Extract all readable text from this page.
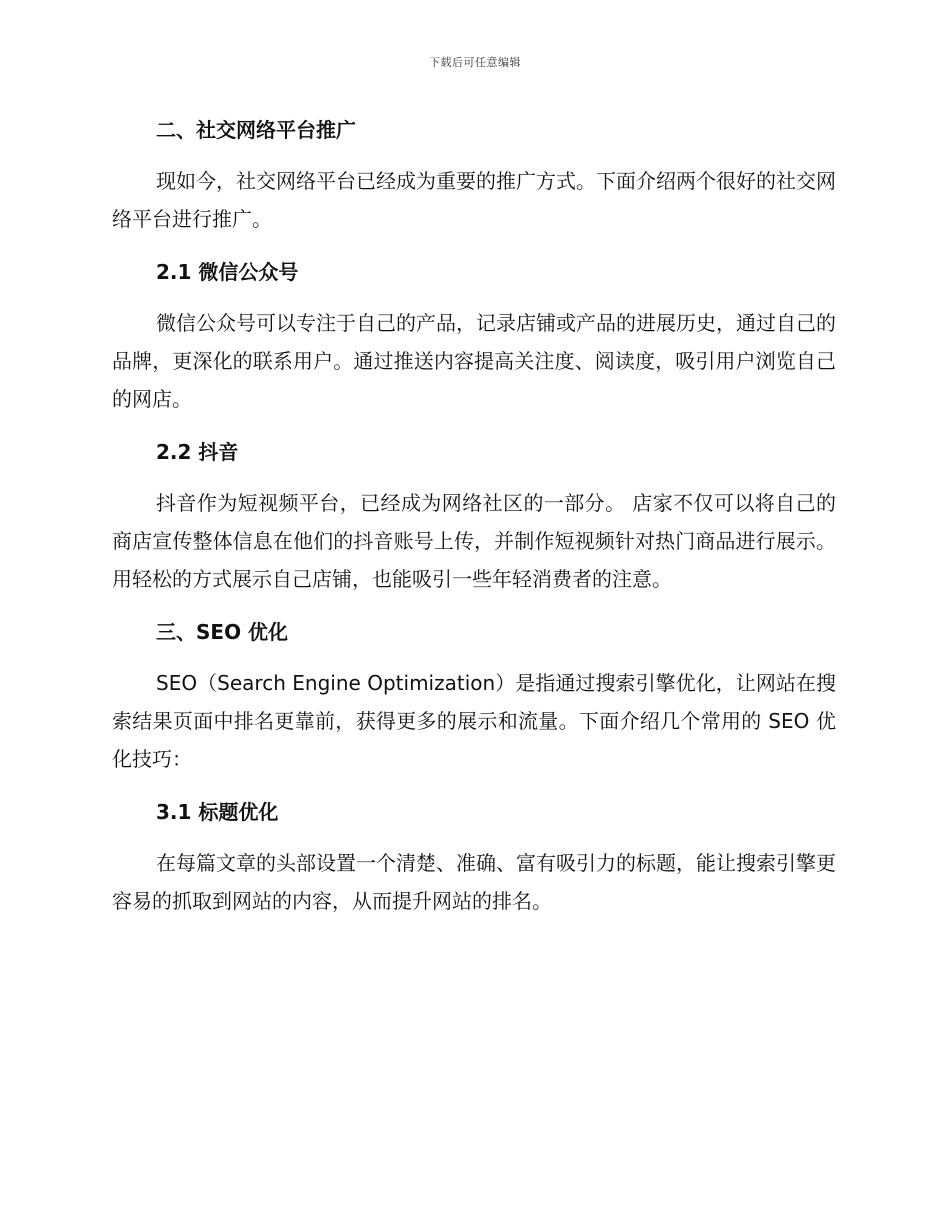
下载后可任意编辑
二、社交网络平台推广

现如今，社交网络平台已经成为重要的推广方式。下面介绍两个很好的社交网络平台进行推广。

2.1 微信公众号

微信公众号可以专注于自己的产品，记录店铺或产品的进展历史，通过自己的品牌，更深化的联系用户。通过推送内容提高关注度、阅读度，吸引用户浏览自己的网店。

2.2 抖音

抖音作为短视频平台，已经成为网络社区的一部分。 店家不仅可以将自己的商店宣传整体信息在他们的抖音账号上传，并制作短视频针对热门商品进行展示。用轻松的方式展示自己店铺，也能吸引一些年轻消费者的注意。

三、SEO 优化

SEO（Search Engine Optimization）是指通过搜索引擎优化，让网站在搜索结果页面中排名更靠前，获得更多的展示和流量。下面介绍几个常用的 SEO 优化技巧：

3.1 标题优化

在每篇文章的头部设置一个清楚、准确、富有吸引力的标题，能让搜索引擎更容易的抓取到网站的内容，从而提升网站的排名。
